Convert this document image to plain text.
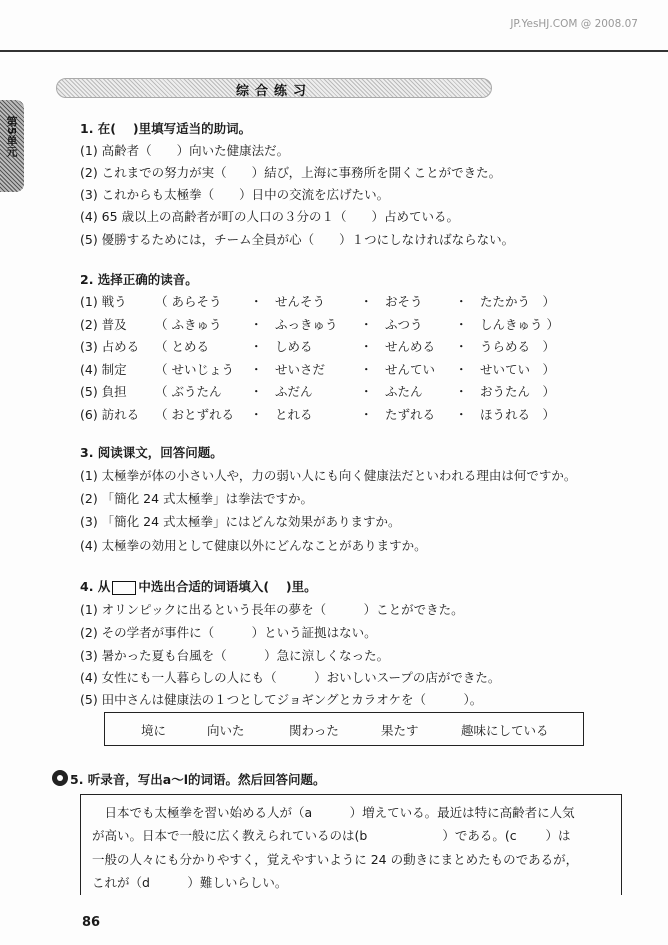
JP.YesHJ.COM @ 2008.07
综合练习
第5单元	1. 在(　 )里填写适当的助词。
(1) 高齢者（　　）向いた健康法だ。
(2) これまでの努力が実（　　）結び，上海に事務所を開くことができた。
(3) これからも太極拳（　　）日中の交流を広げたい。
(4) 65 歳以上の高齢者が町の人口の３分の１（　　）占めている。
(5) 優勝するためには，チーム全員が心（　　）１つにしなければならない。
2. 选择正确的读音。
(1) 戦う （ あらそう ・　せんそう	・　おそう	・　たたかう　）
(2) 普及 （ ふきゅう ・　ふっきゅう ・　ふつう	・　しんきゅう ）
(3) 占める （ とめる	・　しめる	・　せんめる ・　うらめる　）
(4) 制定 （ せいじょう ・　せいさだ	・　せんてい ・　せいてい　）
(5) 負担 （ ぶうたん ・　ふだん	・　ふたん	・　おうたん　）
(6) 訪れる （ おとずれる ・　とれる	・　たずれる ・　ほうれる　）
3. 阅读课文，回答问题。
(1) 太極拳が体の小さい人や，力の弱い人にも向く健康法だといわれる理由は何ですか。
(2) 「簡化 24 式太極拳」は拳法ですか。
(3) 「簡化 24 式太極拳」にはどんな効果がありますか。
(4) 太極拳の効用として健康以外にどんなことがありますか。
4. 从 中选出合适的词语填入(　 )里。
(1) オリンピックに出るという長年の夢を（　　　）ことができた。
(2) その学者が事件に（　　　）という証拠はない。
(3) 暑かった夏も台風を（　　　）急に涼しくなった。
(4) 女性にも一人暮らしの人にも（　　　）おいしいスープの店ができた。
(5) 田中さんは健康法の１つとしてジョギングとカラオケを（　　　）。
境に	向いた	関わった	果たす	趣味にしている
5. 听录音，写出a～l的词语。然后回答问题。
　日本でも太極拳を習い始める人が（a　　　）増えている。最近は特に高齢者に人気
が高い。日本で一般に広く教えられているのは(b　　　　　　）である。(c　　 ）は
一般の人々にも分かりやすく，覚えやすいように 24 の動きにまとめたものであるが，
これが（d　　　）難しいらしい。
86
